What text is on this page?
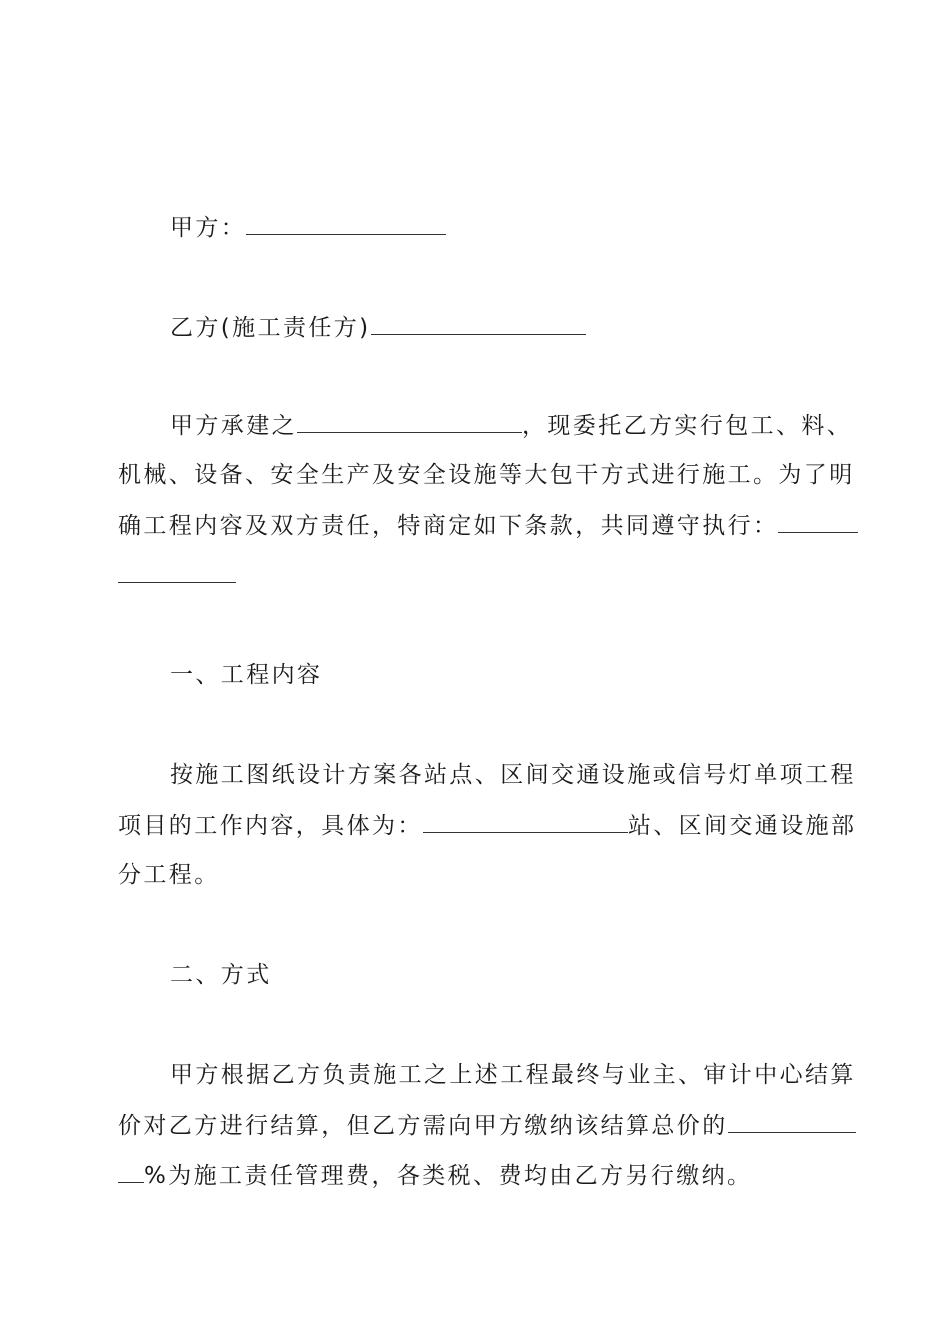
甲方：
乙方(施工责任方)
甲方承建之	，现委托乙方实行包工、料、
机械、设备、安全生产及安全设施等大包干方式进行施工。为了明
确工程内容及双方责任，特商定如下条款，共同遵守执行：
一、工程内容
按施工图纸设计方案各站点、区间交通设施或信号灯单项工程
项目的工作内容，具体为：	站、区间交通设施部
分工程。
二、方式
甲方根据乙方负责施工之上述工程最终与业主、审计中心结算
价对乙方进行结算，但乙方需向甲方缴纳该结算总价的
%为施工责任管理费，各类税、费均由乙方另行缴纳。
